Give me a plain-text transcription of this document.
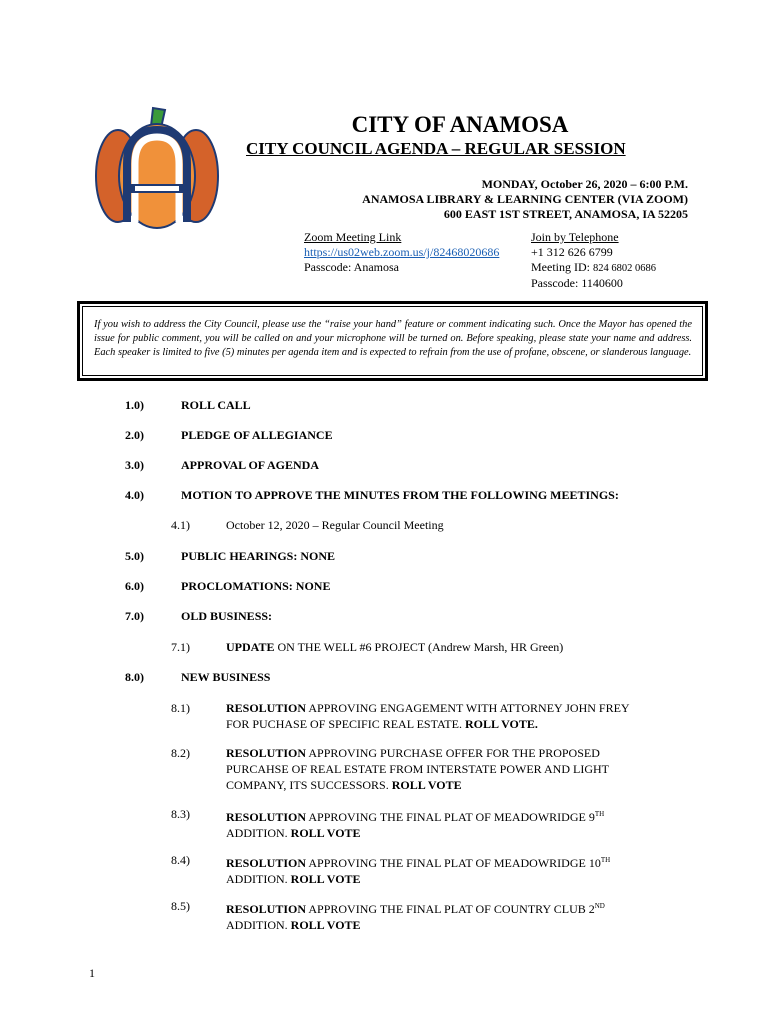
CITY OF ANAMOSA
CITY COUNCIL AGENDA – REGULAR SESSION
MONDAY, October 26, 2020 – 6:00 P.M.
ANAMOSA LIBRARY & LEARNING CENTER (VIA ZOOM)
600 EAST 1ST STREET, ANAMOSA, IA 52205
Zoom Meeting Link
https://us02web.zoom.us/j/82468020686
Passcode: Anamosa
Join by Telephone
+1 312 626 6799
Meeting ID: 824 6802 0686
Passcode: 1140600
If you wish to address the City Council, please use the “raise your hand” feature or comment indicating such. Once the Mayor has opened the issue for public comment, you will be called on and your microphone will be turned on. Before speaking, please state your name and address. Each speaker is limited to five (5) minutes per agenda item and is expected to refrain from the use of profane, obscene, or slanderous language.
1.0)	ROLL CALL
2.0)	PLEDGE OF ALLEGIANCE
3.0)	APPROVAL OF AGENDA
4.0)	MOTION TO APPROVE THE MINUTES FROM THE FOLLOWING MEETINGS:
4.1)	October 12, 2020 – Regular Council Meeting
5.0)	PUBLIC HEARINGS: NONE
6.0)	PROCLOMATIONS: NONE
7.0)	OLD BUSINESS:
7.1)	UPDATE ON THE WELL #6 PROJECT (Andrew Marsh, HR Green)
8.0)	NEW BUSINESS
8.1)	RESOLUTION APPROVING ENGAGEMENT WITH ATTORNEY JOHN FREY
FOR PUCHASE OF SPECIFIC REAL ESTATE. ROLL VOTE.
8.2)	RESOLUTION APPROVING PURCHASE OFFER FOR THE PROPOSED
PURCAHSE OF REAL ESTATE FROM INTERSTATE POWER AND LIGHT
COMPANY, ITS SUCCESSORS. ROLL VOTE
8.3)	RESOLUTION APPROVING THE FINAL PLAT OF MEADOWRIDGE 9TH
ADDITION. ROLL VOTE
8.4)	RESOLUTION APPROVING THE FINAL PLAT OF MEADOWRIDGE 10TH
ADDITION. ROLL VOTE
8.5)	RESOLUTION APPROVING THE FINAL PLAT OF COUNTRY CLUB 2ND
ADDITION. ROLL VOTE
1
